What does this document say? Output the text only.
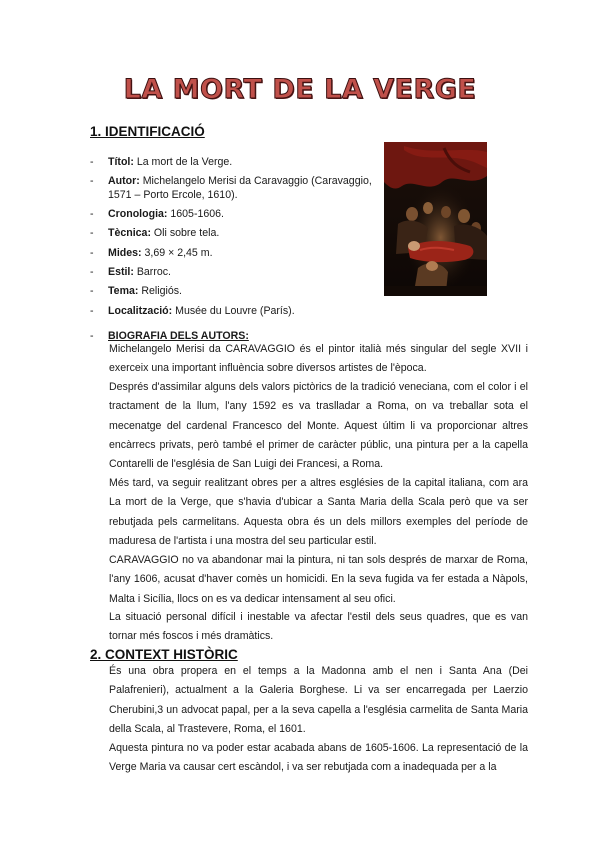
LA MORT DE LA VERGE
1. IDENTIFICACIÓ
- Títol: La mort de la Verge.
- Autor: Michelangelo Merisi da Caravaggio (Caravaggio, 1571 – Porto Ercole, 1610).
- Cronologia: 1605-1606.
- Tècnica: Oli sobre tela.
- Mides: 3,69 × 2,45 m.
- Estil: Barroc.
- Tema: Religiós.
- Localització: Musée du Louvre (París).
- BIOGRAFIA DELS AUTORS:

Michelangelo Merisi da CARAVAGGIO és el pintor italià més singular del segle XVII i exerceix una important influència sobre diversos artistes de l'època.

Després d'assimilar alguns dels valors pictòrics de la tradició veneciana, com el color i el tractament de la llum, l'any 1592 es va traslladar a Roma, on va treballar sota el mecenatge del cardenal Francesco del Monte. Aquest últim li va proporcionar altres encàrrecs privats, però també el primer de caràcter públic, una pintura per a la capella Contarelli de l'església de San Luigi dei Francesi, a Roma.

Més tard, va seguir realitzant obres per a altres esglésies de la capital italiana, com ara La mort de la Verge, que s'havia d'ubicar a Santa Maria della Scala però que va ser rebutjada pels carmelitans. Aquesta obra és un dels millors exemples del període de maduresa de l'artista i una mostra del seu particular estil.

CARAVAGGIO no va abandonar mai la pintura, ni tan sols després de marxar de Roma, l'any 1606, acusat d'haver comès un homicidi. En la seva fugida va fer estada a Nàpols, Malta i Sicília, llocs on es va dedicar intensament al seu ofici.

La situació personal difícil i inestable va afectar l'estil dels seus quadres, que es van tornar més foscos i més dramàtics.

2. CONTEXT HISTÒRIC

És una obra propera en el temps a la Madonna amb el nen i Santa Ana (Dei Palafrenieri), actualment a la Galeria Borghese. Li va ser encarregada per Laerzio Cherubini,3 un advocat papal, per a la seva capella a l'església carmelita de Santa Maria della Scala, al Trastevere, Roma, el 1601.

Aquesta pintura no va poder estar acabada abans de 1605-1606. La representació de la Verge Maria va causar cert escàndol, i va ser rebutjada com a inadequada per a la
